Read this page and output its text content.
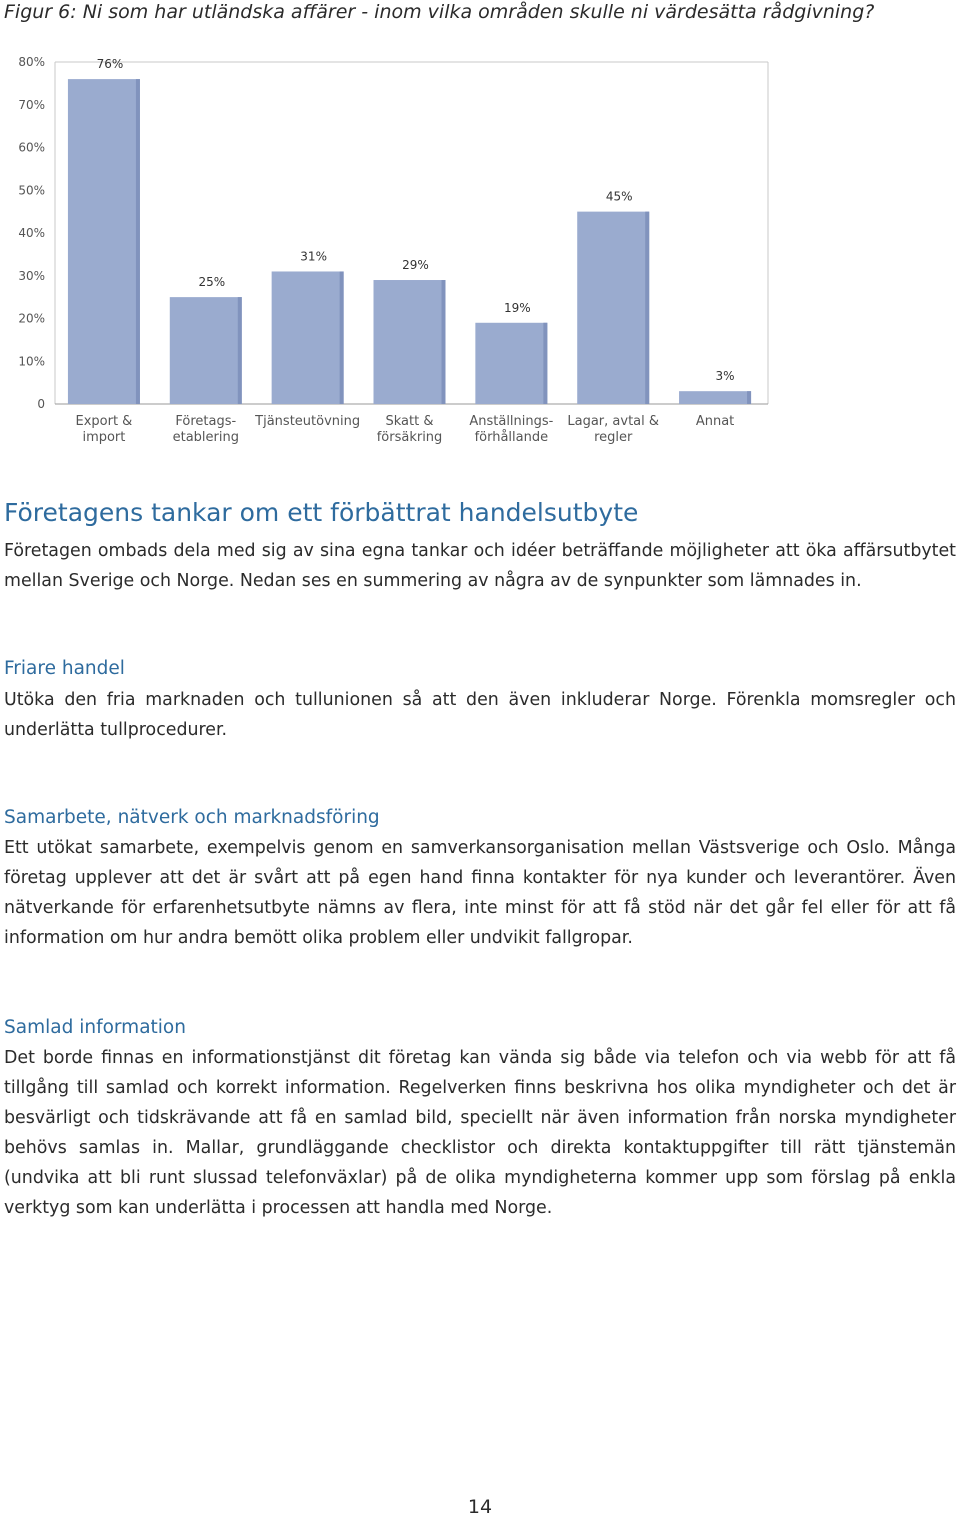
Figur 6: Ni som har utländska affärer - inom vilka områden skulle ni värdesätta rådgivning?
0
10%
20%
30%
40%
50%
60%
70%
80%	76%
Export &
import
25%
Företags-
etablering
31%
Tjänsteutövning
29%
Skatt &
försäkring
19%
Anställnings-
förhållande
45%
Lagar, avtal &
regler
3%
Annat
Företagens tankar om ett förbättrat handelsutbyte
Företagen ombads dela med sig av sina egna tankar och idéer beträffande möjligheter att öka affärsutbytet mellan Sverige och Norge. Nedan ses en summering av några av de synpunkter som lämnades in.
Friare handel
Utöka den fria marknaden och tullunionen så att den även inkluderar Norge. Förenkla momsregler och underlätta tullprocedurer.
Samarbete, nätverk och marknadsföring
Ett utökat samarbete, exempelvis genom en samverkansorganisation mellan Västsverige och Oslo. Många företag upplever att det är svårt att på egen hand finna kontakter för nya kunder och leverantörer. Även nätverkande för erfarenhetsutbyte nämns av flera, inte minst för att få stöd när det går fel eller för att få information om hur andra bemött olika problem eller undvikit fallgropar.
Samlad information
Det borde finnas en informationstjänst dit företag kan vända sig både via telefon och via webb för att få tillgång till samlad och korrekt information. Regelverken finns beskrivna hos olika myndigheter och det är besvärligt och tidskrävande att få en samlad bild, speciellt när även information från norska myndigheter behövs samlas in. Mallar, grundläggande checklistor och direkta kontaktuppgifter till rätt tjänstemän (undvika att bli runt slussad telefonväxlar) på de olika myndigheterna kommer upp som förslag på enkla verktyg som kan underlätta i processen att handla med Norge.
14
